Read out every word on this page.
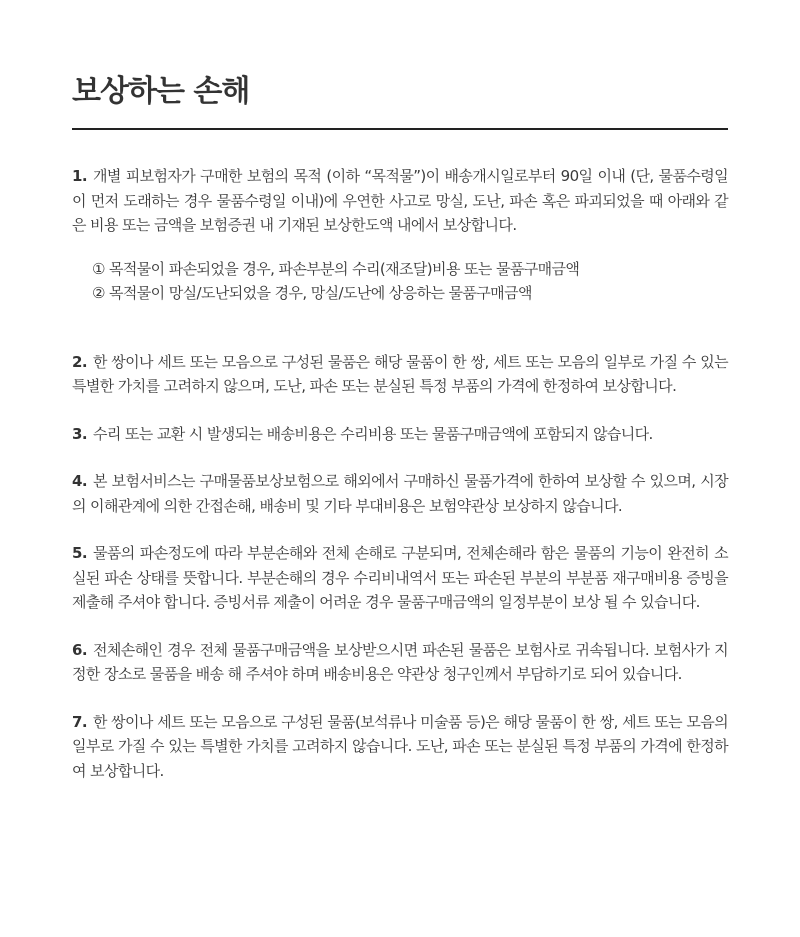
보상하는 손해

1. 개별 피보험자가 구매한 보험의 목적 (이하 “목적물”)이 배송개시일로부터 90일 이내 (단, 물품수령일이 먼저 도래하는 경우 물품수령일 이내)에 우연한 사고로 망실, 도난, 파손 혹은 파괴되었을 때 아래와 같은 비용 또는 금액을 보험증권 내 기재된 보상한도액 내에서 보상합니다.

① 목적물이 파손되었을 경우, 파손부분의 수리(재조달)비용 또는 물품구매금액
② 목적물이 망실/도난되었을 경우, 망실/도난에 상응하는 물품구매금액

2. 한 쌍이나 세트 또는 모음으로 구성된 물품은 해당 물품이 한 쌍, 세트 또는 모음의 일부로 가질 수 있는 특별한 가치를 고려하지 않으며, 도난, 파손 또는 분실된 특정 부품의 가격에 한정하여 보상합니다.

3. 수리 또는 교환 시 발생되는 배송비용은 수리비용 또는 물품구매금액에 포함되지 않습니다.

4. 본 보험서비스는 구매물품보상보험으로 해외에서 구매하신 물품가격에 한하여 보상할 수 있으며, 시장의 이해관계에 의한 간접손해, 배송비 및 기타 부대비용은 보험약관상 보상하지 않습니다.

5. 물품의 파손정도에 따라 부분손해와 전체 손해로 구분되며, 전체손해라 함은 물품의 기능이 완전히 소실된 파손 상태를 뜻합니다. 부분손해의 경우 수리비내역서 또는 파손된 부분의 부분품 재구매비용 증빙을 제출해 주셔야 합니다. 증빙서류 제출이 어려운 경우 물품구매금액의 일정부분이 보상 될 수 있습니다.

6. 전체손해인 경우 전체 물품구매금액을 보상받으시면 파손된 물품은 보험사로 귀속됩니다. 보험사가 지정한 장소로 물품을 배송 해 주셔야 하며 배송비용은 약관상 청구인께서 부담하기로 되어 있습니다.

7. 한 쌍이나 세트 또는 모음으로 구성된 물품(보석류나 미술품 등)은 해당 물품이 한 쌍, 세트 또는 모음의 일부로 가질 수 있는 특별한 가치를 고려하지 않습니다. 도난, 파손 또는 분실된 특정 부품의 가격에 한정하여 보상합니다.
